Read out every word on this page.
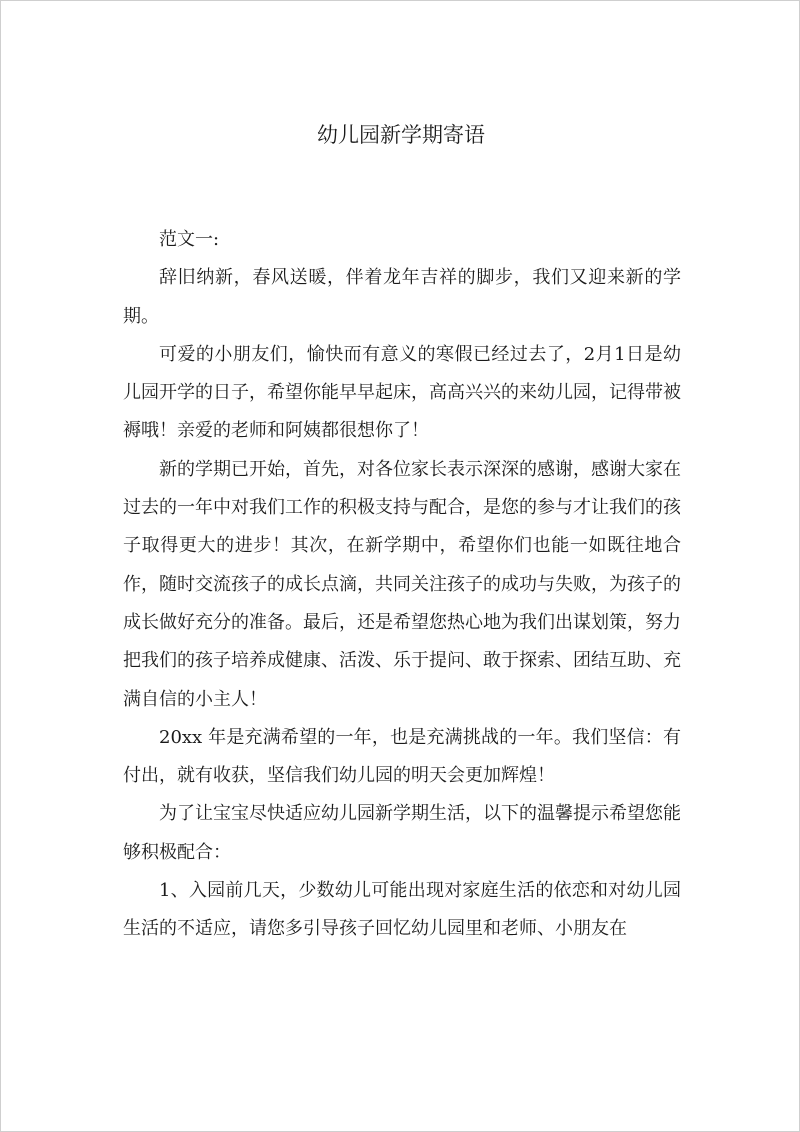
幼儿园新学期寄语

范文一:

辞旧纳新，春风送暖，伴着龙年吉祥的脚步，我们又迎来新的学期。

可爱的小朋友们，愉快而有意义的寒假已经过去了，2月1日是幼儿园开学的日子，希望你能早早起床，高高兴兴的来幼儿园，记得带被褥哦！亲爱的老师和阿姨都很想你了！

新的学期已开始，首先，对各位家长表示深深的感谢，感谢大家在过去的一年中对我们工作的积极支持与配合，是您的参与才让我们的孩子取得更大的进步！其次，在新学期中，希望你们也能一如既往地合作，随时交流孩子的成长点滴，共同关注孩子的成功与失败，为孩子的成长做好充分的准备。最后，还是希望您热心地为我们出谋划策，努力把我们的孩子培养成健康、活泼、乐于提问、敢于探索、团结互助、充满自信的小主人！

20xx 年是充满希望的一年，也是充满挑战的一年。我们坚信：有付出，就有收获，坚信我们幼儿园的明天会更加辉煌！

为了让宝宝尽快适应幼儿园新学期生活，以下的温馨提示希望您能够积极配合：

1、入园前几天，少数幼儿可能出现对家庭生活的依恋和对幼儿园生活的不适应，请您多引导孩子回忆幼儿园里和老师、小朋友在
